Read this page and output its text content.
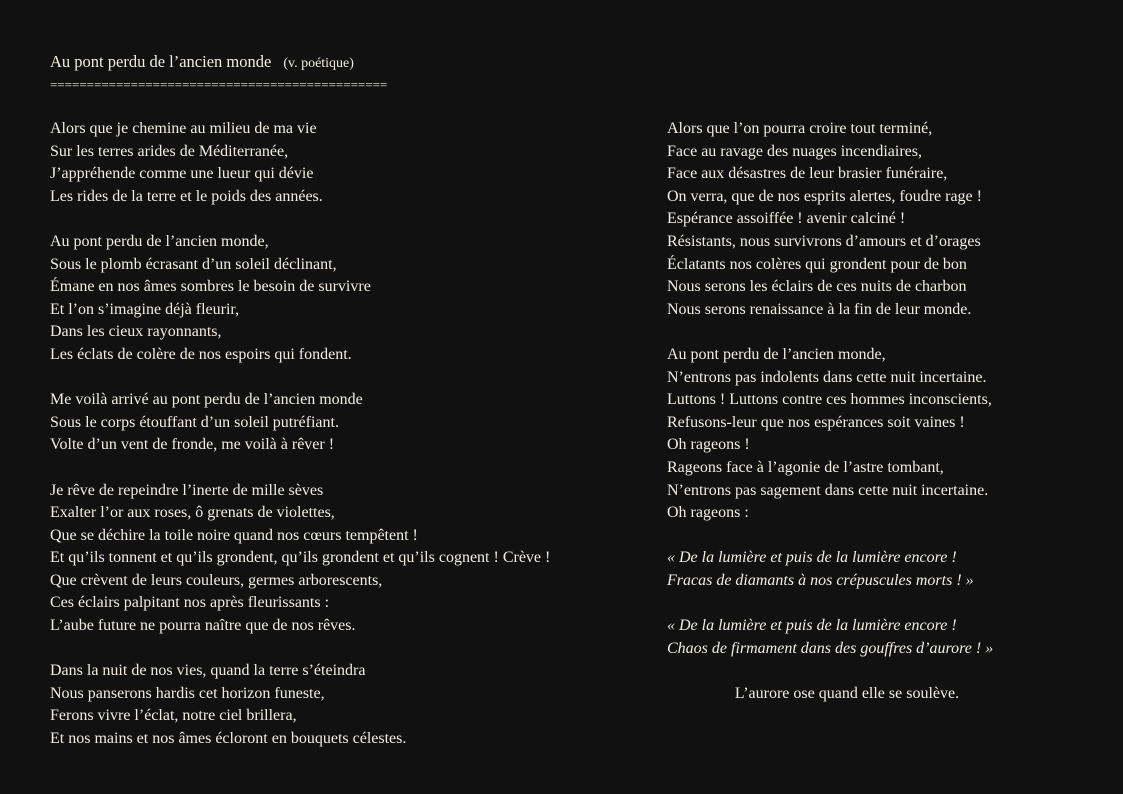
Au pont perdu de l’ancien monde (v. poétique)
==============================================
Alors que je chemine au milieu de ma vie
Sur les terres arides de Méditerranée,
J’appréhende comme une lueur qui dévie
Les rides de la terre et le poids des années.
Au pont perdu de l’ancien monde,
Sous le plomb écrasant d’un soleil déclinant,
Émane en nos âmes sombres le besoin de survivre
Et l’on s’imagine déjà fleurir,
Dans les cieux rayonnants,
Les éclats de colère de nos espoirs qui fondent.
Me voilà arrivé au pont perdu de l’ancien monde
Sous le corps étouffant d’un soleil putréfiant.
Volte d’un vent de fronde, me voilà à rêver !
Je rêve de repeindre l’inerte de mille sèves
Exalter l’or aux roses, ô grenats de violettes,
Que se déchire la toile noire quand nos cœurs tempêtent !
Et qu’ils tonnent et qu’ils grondent, qu’ils grondent et qu’ils cognent ! Crève !
Que crèvent de leurs couleurs, germes arborescents,
Ces éclairs palpitant nos après fleurissants :
L’aube future ne pourra naître que de nos rêves.
Dans la nuit de nos vies, quand la terre s’éteindra
Nous panserons hardis cet horizon funeste,
Ferons vivre l’éclat, notre ciel brillera,
Et nos mains et nos âmes écloront en bouquets célestes.
Alors que l’on pourra croire tout terminé,
Face au ravage des nuages incendiaires,
Face aux désastres de leur brasier funéraire,
On verra, que de nos esprits alertes, foudre rage !
Espérance assoiffée ! avenir calciné !
Résistants, nous survivrons d’amours et d’orages
Éclatants nos colères qui grondent pour de bon
Nous serons les éclairs de ces nuits de charbon
Nous serons renaissance à la fin de leur monde.
Au pont perdu de l’ancien monde,
N’entrons pas indolents dans cette nuit incertaine.
Luttons ! Luttons contre ces hommes inconscients,
Refusons-leur que nos espérances soit vaines !
Oh rageons !
Rageons face à l’agonie de l’astre tombant,
N’entrons pas sagement dans cette nuit incertaine.
Oh rageons :
« De la lumière et puis de la lumière encore !
Fracas de diamants à nos crépuscules morts ! »
« De la lumière et puis de la lumière encore !
Chaos de firmament dans des gouffres d’aurore ! »
L’aurore ose quand elle se soulève.
